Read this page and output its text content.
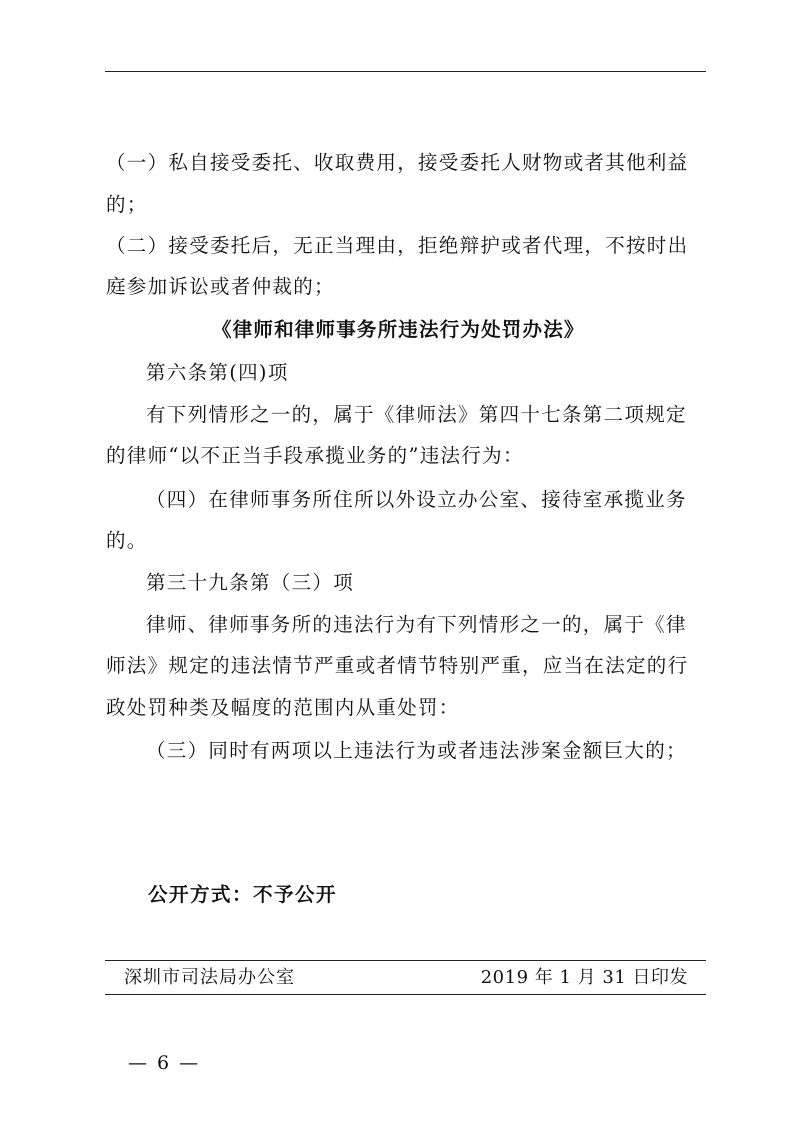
（一）私自接受委托、收取费用，接受委托人财物或者其他利益
的；
（二）接受委托后，无正当理由，拒绝辩护或者代理，不按时出
庭参加诉讼或者仲裁的；
《律师和律师事务所违法行为处罚办法》
第六条第(四)项
有下列情形之一的，属于《律师法》第四十七条第二项规定
的律师“以不正当手段承揽业务的”违法行为：
（四）在律师事务所住所以外设立办公室、接待室承揽业务
的。
第三十九条第（三）项
律师、律师事务所的违法行为有下列情形之一的，属于《律
师法》规定的违法情节严重或者情节特别严重，应当在法定的行
政处罚种类及幅度的范围内从重处罚：
（三）同时有两项以上违法行为或者违法涉案金额巨大的；
公开方式：不予公开
深圳市司法局办公室	2019 年 1 月 31 日印发
— 6 —
